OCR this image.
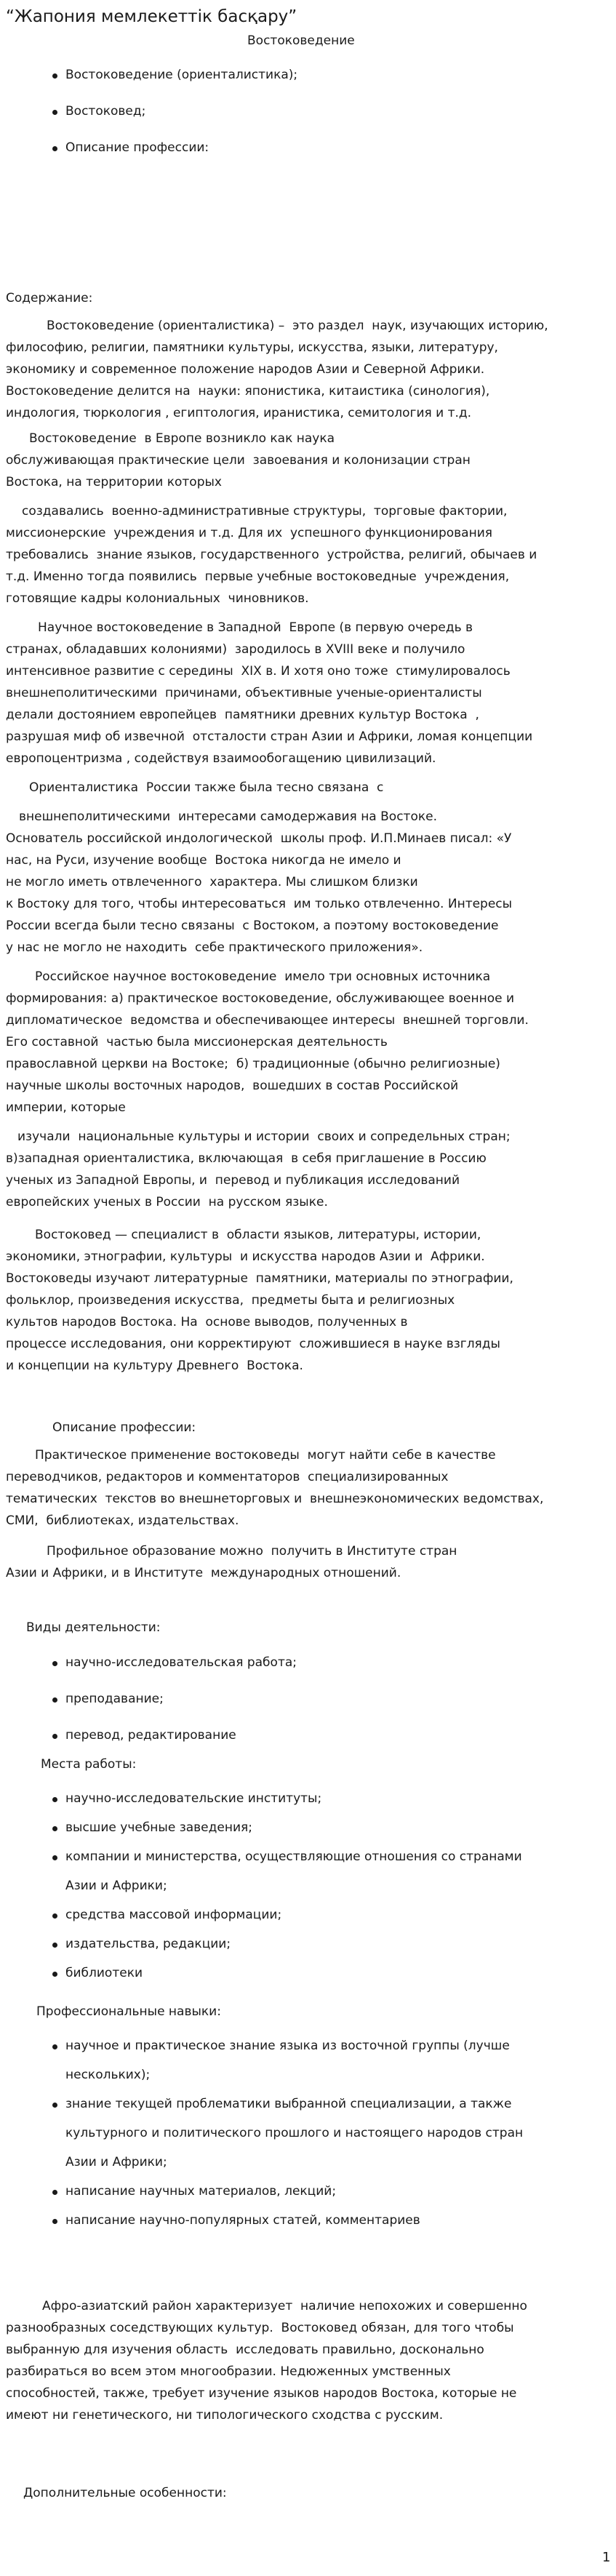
“Жапония мемлекеттік басқару”
Востоковедение
Востоковедение (ориенталистика);
Востоковед;
Описание профессии:
Содержание:
Востоковедение (ориенталистика) –  это раздел  наук, изучающих историю,
философию, религии, памятники культуры, искусства, языки, литературу,
экономику и современное положение народов Азии и Северной Африки.
Востоковедение делится на  науки: японистика, китаистика (синология),
индология, тюркология , египтология, иранистика, семитология и т.д.
Востоковедение  в Европе возникло как наука
обслуживающая практические цели  завоевания и колонизации стран
Востока, на территории которых
создавались  военно-административные структуры,  торговые фактории,
миссионерские  учреждения и т.д. Для их  успешного функционирования
требовались  знание языков, государственного  устройства, религий, обычаев и
т.д. Именно тогда появились  первые учебные востоковедные  учреждения,
готовящие кадры колониальных  чиновников.
Научное востоковедение в Западной  Европе (в первую очередь в
странах, обладавших колониями)  зародилось в XVIII веке и получило
интенсивное развитие с середины  XIX в. И хотя оно тоже  стимулировалось
внешнеполитическими  причинами, объективные ученые-ориенталисты
делали достоянием европейцев  памятники древних культур Востока  ,
разрушая миф об извечной  отсталости стран Азии и Африки, ломая концепции
европоцентризма , содействуя взаимообогащению цивилизаций.
Ориенталистика  России также была тесно связана  с
внешнеполитическими  интересами самодержавия на Востоке.
Основатель российской индологической  школы проф. И.П.Минаев писал: «У
нас, на Руси, изучение вообще  Востока никогда не имело и
не могло иметь отвлеченного  характера. Мы слишком близки
к Востоку для того, чтобы интересоваться  им только отвлеченно. Интересы
России всегда были тесно связаны  с Востоком, а поэтому востоковедение
у нас не могло не находить  себе практического приложения».
Российское научное востоковедение  имело три основных источника
формирования: а) практическое востоковедение, обслуживающее военное и
дипломатическое  ведомства и обеспечивающее интересы  внешней торговли.
Его составной  частью была миссионерская деятельность
православной церкви на Востоке;  б) традиционные (обычно религиозные)
научные школы восточных народов,  вошедших в состав Российской
империи, которые
изучали  национальные культуры и истории  своих и сопредельных стран;
в)западная ориенталистика, включающая  в себя приглашение в Россию
ученых из Западной Европы, и  перевод и публикация исследований
европейских ученых в России  на русском языке.
Востоковед — специалист в  области языков, литературы, истории,
экономики, этнографии, культуры  и искусства народов Азии и  Африки.
Востоковеды изучают литературные  памятники, материалы по этнографии,
фольклор, произведения искусства,  предметы быта и религиозных
культов народов Востока. На  основе выводов, полученных в
процессе исследования, они корректируют  сложившиеся в науке взгляды
и концепции на культуру Древнего  Востока.
Описание профессии:
Практическое применение востоковеды  могут найти себе в качестве
переводчиков, редакторов и комментаторов  специализированных
тематических  текстов во внешнеторговых и  внешнеэкономических ведомствах,
СМИ,  библиотеках, издательствах.
Профильное образование можно  получить в Институте стран
Азии и Африки, и в Институте  международных отношений.
Виды деятельности:
научно-исследовательская работа;
преподавание;
перевод, редактирование
Места работы:
научно-исследовательские институты;
высшие учебные заведения;
компании и министерства, осуществляющие отношения со странами
Азии и Африки;
средства массовой информации;
издательства, редакции;
библиотеки
Профессиональные навыки:
научное и практическое знание языка из восточной группы (лучше
нескольких);
знание текущей проблематики выбранной специализации, а также
культурного и политического прошлого и настоящего народов стран
Азии и Африки;
написание научных материалов, лекций;
написание научно-популярных статей, комментариев
Афро-азиатский район характеризует  наличие непохожих и совершенно
разнообразных соседствующих культур.  Востоковед обязан, для того чтобы
выбранную для изучения область  исследовать правильно, досконально
разбираться во всем этом многообразии. Недюженных умственных
способностей, также, требует изучение языков народов Востока, которые не
имеют ни генетического, ни типологического сходства с русским.
Дополнительные особенности:
1
